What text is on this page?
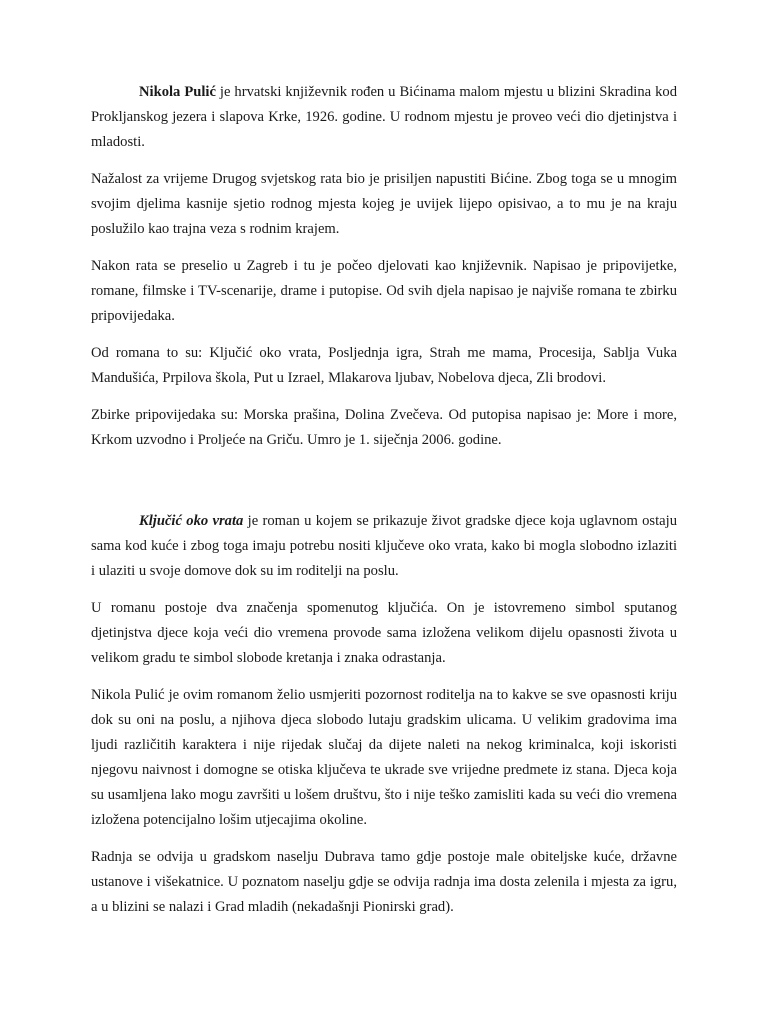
Nikola Pulić je hrvatski književnik rođen u Bićinama malom mjestu u blizini Skradina kod Prokljanskog jezera i slapova Krke, 1926. godine. U rodnom mjestu je proveo veći dio djetinjstva i mladosti.

Nažalost za vrijeme Drugog svjetskog rata bio je prisiljen napustiti Bićine. Zbog toga se u mnogim svojim djelima kasnije sjetio rodnog mjesta kojeg je uvijek lijepo opisivao, a to mu je na kraju poslužilo kao trajna veza s rodnim krajem.

Nakon rata se preselio u Zagreb i tu je počeo djelovati kao književnik. Napisao je pripovijetke, romane, filmske i TV-scenarije, drame i putopise. Od svih djela napisao je najviše romana te zbirku pripovijedaka.

Od romana to su: Ključić oko vrata, Posljednja igra, Strah me mama, Procesija, Sablja Vuka Mandušića, Prpilova škola, Put u Izrael, Mlakarova ljubav, Nobelova djeca, Zli brodovi.

Zbirke pripovijedaka su: Morska prašina, Dolina Zvečeva. Od putopisa napisao je: More i more, Krkom uzvodno i Proljeće na Griču. Umro je 1. siječnja 2006. godine.

Ključić oko vrata je roman u kojem se prikazuje život gradske djece koja uglavnom ostaju sama kod kuće i zbog toga imaju potrebu nositi ključeve oko vrata, kako bi mogla slobodno izlaziti i ulaziti u svoje domove dok su im roditelji na poslu.

U romanu postoje dva značenja spomenutog ključića. On je istovremeno simbol sputanog djetinjstva djece koja veći dio vremena provode sama izložena velikom dijelu opasnosti života u velikom gradu te simbol slobode kretanja i znaka odrastanja.

Nikola Pulić je ovim romanom želio usmjeriti pozornost roditelja na to kakve se sve opasnosti kriju dok su oni na poslu, a njihova djeca slobodo lutaju gradskim ulicama. U velikim gradovima ima ljudi različitih karaktera i nije rijedak slučaj da dijete naleti na nekog kriminalca, koji iskoristi njegovu naivnost i domogne se otiska ključeva te ukrade sve vrijedne predmete iz stana. Djeca koja su usamljena lako mogu završiti u lošem društvu, što i nije teško zamisliti kada su veći dio vremena izložena potencijalno lošim utjecajima okoline.

Radnja se odvija u gradskom naselju Dubrava tamo gdje postoje male obiteljske kuće, državne ustanove i višekatnice. U poznatom naselju gdje se odvija radnja ima dosta zelenila i mjesta za igru, a u blizini se nalazi i Grad mladih (nekadašnji Pionirski grad).
